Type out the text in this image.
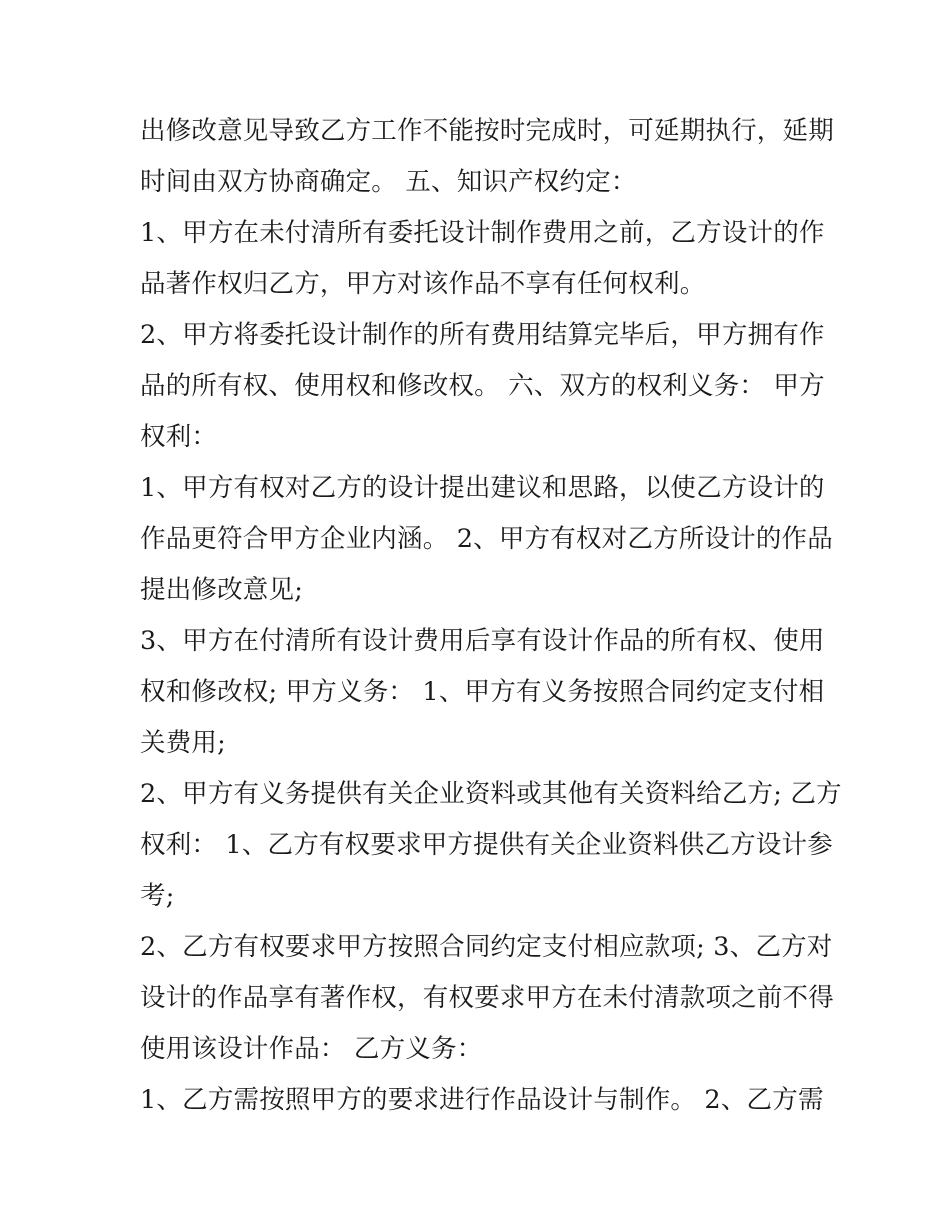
出修改意见导致乙方工作不能按时完成时，可延期执行，延期
时间由双方协商确定。 五、知识产权约定：
1、甲方在未付清所有委托设计制作费用之前，乙方设计的作
品著作权归乙方，甲方对该作品不享有任何权利。
2、甲方将委托设计制作的所有费用结算完毕后，甲方拥有作
品的所有权、使用权和修改权。 六、双方的权利义务： 甲方
权利：
1、甲方有权对乙方的设计提出建议和思路，以使乙方设计的
作品更符合甲方企业内涵。 2、甲方有权对乙方所设计的作品
提出修改意见;
3、甲方在付清所有设计费用后享有设计作品的所有权、使用
权和修改权; 甲方义务： 1、甲方有义务按照合同约定支付相
关费用;
2、甲方有义务提供有关企业资料或其他有关资料给乙方; 乙方
权利： 1、乙方有权要求甲方提供有关企业资料供乙方设计参
考;
2、乙方有权要求甲方按照合同约定支付相应款项; 3、乙方对
设计的作品享有著作权，有权要求甲方在未付清款项之前不得
使用该设计作品： 乙方义务：
1、乙方需按照甲方的要求进行作品设计与制作。 2、乙方需
